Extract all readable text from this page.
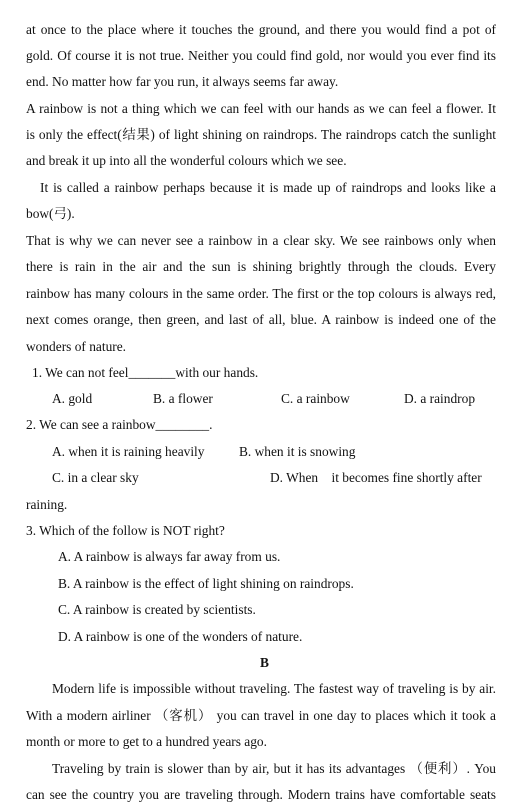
at once to the place where it touches the ground, and there you would find a pot of
gold. Of course it is not true. Neither you could find gold, nor would you ever find its
end. No matter how far you run, it always seems far away.
A rainbow is not a thing which we can feel with our hands as we can feel a flower. It
is only the effect(结果) of light shining on raindrops. The raindrops catch the sunlight
and break it up into all the wonderful colours which we see.
It is called a rainbow perhaps because it is made up of raindrops and looks like a
bow(弓).
That is why we can never see a rainbow in a clear sky. We see rainbows only when
there is rain in the air and the sun is shining brightly through the clouds. Every
rainbow has many colours in the same order. The first or the top colours is always red,
next comes orange, then green, and last of all, blue. A rainbow is indeed one of the
wonders of nature.
1. We can not feel_______with our hands.
A. gold	B. a flower	C. a rainbow	D. a raindrop
2. We can see a rainbow________.
A. when it is raining heavily	B. when it is snowing
C. in a clear sky	D. When    it becomes fine shortly after
raining.
3. Which of the follow is NOT right?
A. A rainbow is always far away from us.
B. A rainbow is the effect of light shining on raindrops.
C. A rainbow is created by scientists.
D. A rainbow is one of the wonders of nature.
B
Modern life is impossible without traveling. The fastest way of traveling is by air.
With a modern airliner （客机） you can travel in one day to places which it took a
month or more to get to a hundred years ago.
Traveling by train is slower than by air, but it has its advantages （便利）. You
can see the country you are traveling through. Modern trains have comfortable seats
